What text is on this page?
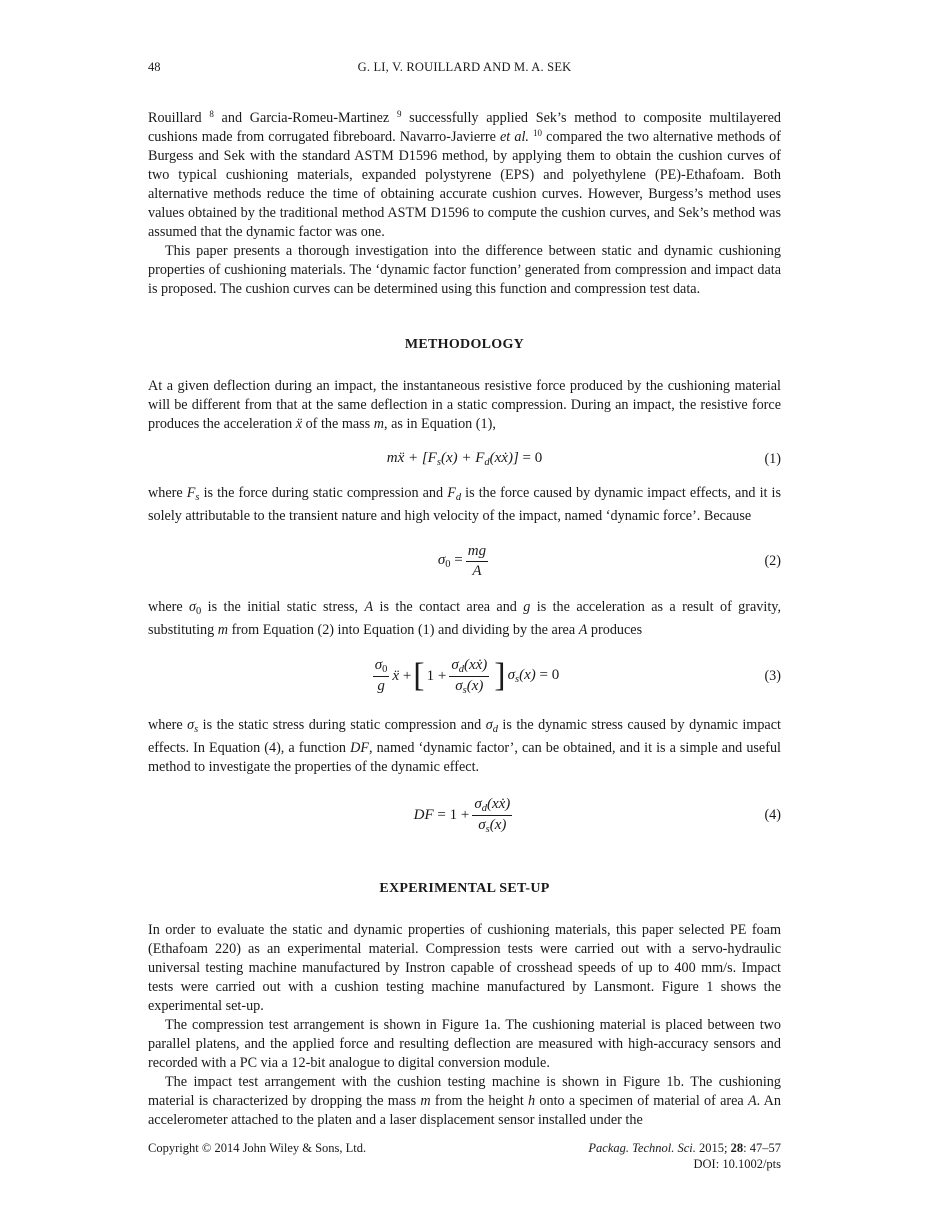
48	G. LI, V. ROUILLARD AND M. A. SEK

Rouillard $^8$ and Garcia-Romeu-Martinez $^9$ successfully applied Sek’s method to composite multilayered cushions made from corrugated fibreboard. Navarro-Javierre et al. $^{10}$ compared the two alternative methods of Burgess and Sek with the standard ASTM D1596 method, by applying them to obtain the cushion curves of two typical cushioning materials, expanded polystyrene (EPS) and polyethylene (PE)-Ethafoam. Both alternative methods reduce the time of obtaining accurate cushion curves. However, Burgess’s method uses values obtained by the traditional method ASTM D1596 to compute the cushion curves, and Sek’s method was assumed that the dynamic factor was one.

This paper presents a thorough investigation into the difference between static and dynamic cushioning properties of cushioning materials. The ‘dynamic factor function’ generated from compression and impact data is proposed. The cushion curves can be determined using this function and compression test data.

METHODOLOGY

At a given deflection during an impact, the instantaneous resistive force produced by the cushioning material will be different from that at the same deflection in a static compression. During an impact, the resistive force produces the acceleration ẍ of the mass m, as in Equation (1),

mẍ + [$F_s(x)$ + $F_d(xẋ)] = 0$	(1)

where $F_s$ is the force during static compression and $F_d$ is the force caused by dynamic impact effects, and it is solely attributable to the transient nature and high velocity of the impact, named ‘dynamic force’. Because

$\sigma_0 = \frac{mg}{A}$	(2)

where $\sigma_0$ is the initial static stress, A is the contact area and g is the acceleration as a result of gravity, substituting m from Equation (2) into Equation (1) and dividing by the area A produces

$\frac{\sigma_0}{g}$ ẍ + [ $1 + \frac{\sigma_d(xẋ)}{\sigma_s(x)}$ ] $\sigma_s(x) = 0$	(3)

where $\sigma_s$ is the static stress during static compression and $\sigma_d$ is the dynamic stress caused by dynamic impact effects. In Equation (4), a function DF, named ‘dynamic factor’, can be obtained, and it is a simple and useful method to investigate the properties of the dynamic effect.

DF = $1 + \frac{\sigma_d(xẋ)}{\sigma_s(x)}$	(4)
EXPERIMENTAL SET-UP

In order to evaluate the static and dynamic properties of cushioning materials, this paper selected PE foam (Ethafoam 220) as an experimental material. Compression tests were carried out with a servo-hydraulic universal testing machine manufactured by Instron capable of crosshead speeds of up to 400 mm/s. Impact tests were carried out with a cushion testing machine manufactured by Lansmont. Figure 1 shows the experimental set-up.

The compression test arrangement is shown in Figure 1a. The cushioning material is placed between two parallel platens, and the applied force and resulting deflection are measured with high-accuracy sensors and recorded with a PC via a 12-bit analogue to digital conversion module.

The impact test arrangement with the cushion testing machine is shown in Figure 1b. The cushioning material is characterized by dropping the mass m from the height h onto a specimen of material of area A. An accelerometer attached to the platen and a laser displacement sensor installed under the

Copyright © 2014 John Wiley & Sons, Ltd.	Packag. Technol. Sci. 2015; 28: 47–57
DOI: 10.1002/pts
